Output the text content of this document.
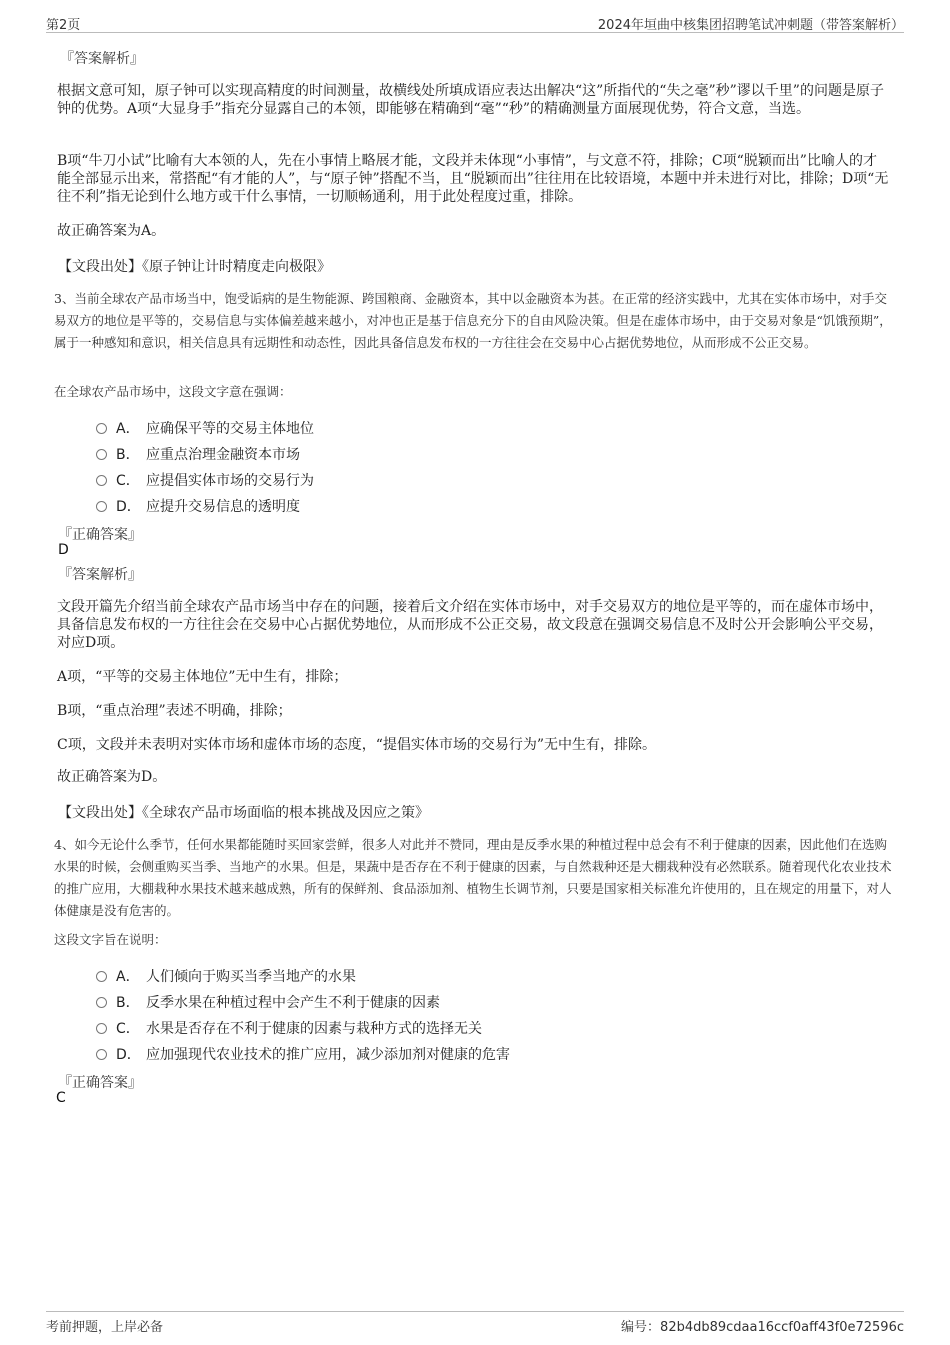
第2页	2024年垣曲中核集团招聘笔试冲刺题（带答案解析）
『答案解析』
根据文意可知，原子钟可以实现高精度的时间测量，故横线处所填成语应表达出解决“这”所指代的“失之毫”秒”谬以千里”的问题是原子钟的优势。A项“大显身手”指充分显露自己的本领，即能够在精确到“毫”“秒”的精确测量方面展现优势，符合文意，当选。
B项“牛刀小试”比喻有大本领的人，先在小事情上略展才能，文段并未体现“小事情”，与文意不符，排除；C项“脱颖而出”比喻人的才能全部显示出来，常搭配“有才能的人”，与“原子钟”搭配不当，且“脱颖而出”往往用在比较语境，本题中并未进行对比，排除；D项“无往不利”指无论到什么地方或干什么事情，一切顺畅通利，用于此处程度过重，排除。
故正确答案为A。
【文段出处】《原子钟让计时精度走向极限》
3、当前全球农产品市场当中，饱受诟病的是生物能源、跨国粮商、金融资本，其中以金融资本为甚。在正常的经济实践中，尤其在实体市场中，对手交易双方的地位是平等的，交易信息与实体偏差越来越小，对冲也正是基于信息充分下的自由风险决策。但是在虚体市场中，由于交易对象是“饥饿预期”，属于一种感知和意识，相关信息具有远期性和动态性，因此具备信息发布权的一方往往会在交易中心占据优势地位，从而形成不公正交易。
在全球农产品市场中，这段文字意在强调：
A． 应确保平等的交易主体地位
B． 应重点治理金融资本市场
C． 应提倡实体市场的交易行为
D． 应提升交易信息的透明度
『正确答案』
D
『答案解析』
文段开篇先介绍当前全球农产品市场当中存在的问题，接着后文介绍在实体市场中，对手交易双方的地位是平等的，而在虚体市场中，具备信息发布权的一方往往会在交易中心占据优势地位，从而形成不公正交易，故文段意在强调交易信息不及时公开会影响公平交易，对应D项。
A项，“平等的交易主体地位”无中生有，排除；
B项，“重点治理”表述不明确，排除；
C项，文段并未表明对实体市场和虚体市场的态度，“提倡实体市场的交易行为”无中生有，排除。
故正确答案为D。
【文段出处】《全球农产品市场面临的根本挑战及因应之策》
4、如今无论什么季节，任何水果都能随时买回家尝鲜，很多人对此并不赞同，理由是反季水果的种植过程中总会有不利于健康的因素，因此他们在选购水果的时候，会侧重购买当季、当地产的水果。但是，果蔬中是否存在不利于健康的因素，与自然栽种还是大棚栽种没有必然联系。随着现代化农业技术的推广应用，大棚栽种水果技术越来越成熟，所有的保鲜剂、食品添加剂、植物生长调节剂，只要是国家相关标准允许使用的，且在规定的用量下，对人体健康是没有危害的。
这段文字旨在说明：
A． 人们倾向于购买当季当地产的水果
B． 反季水果在种植过程中会产生不利于健康的因素
C． 水果是否存在不利于健康的因素与栽种方式的选择无关
D． 应加强现代农业技术的推广应用，减少添加剂对健康的危害
『正确答案』
C
考前押题，上岸必备	编号：82b4db89cdaa16ccf0aff43f0e72596c
